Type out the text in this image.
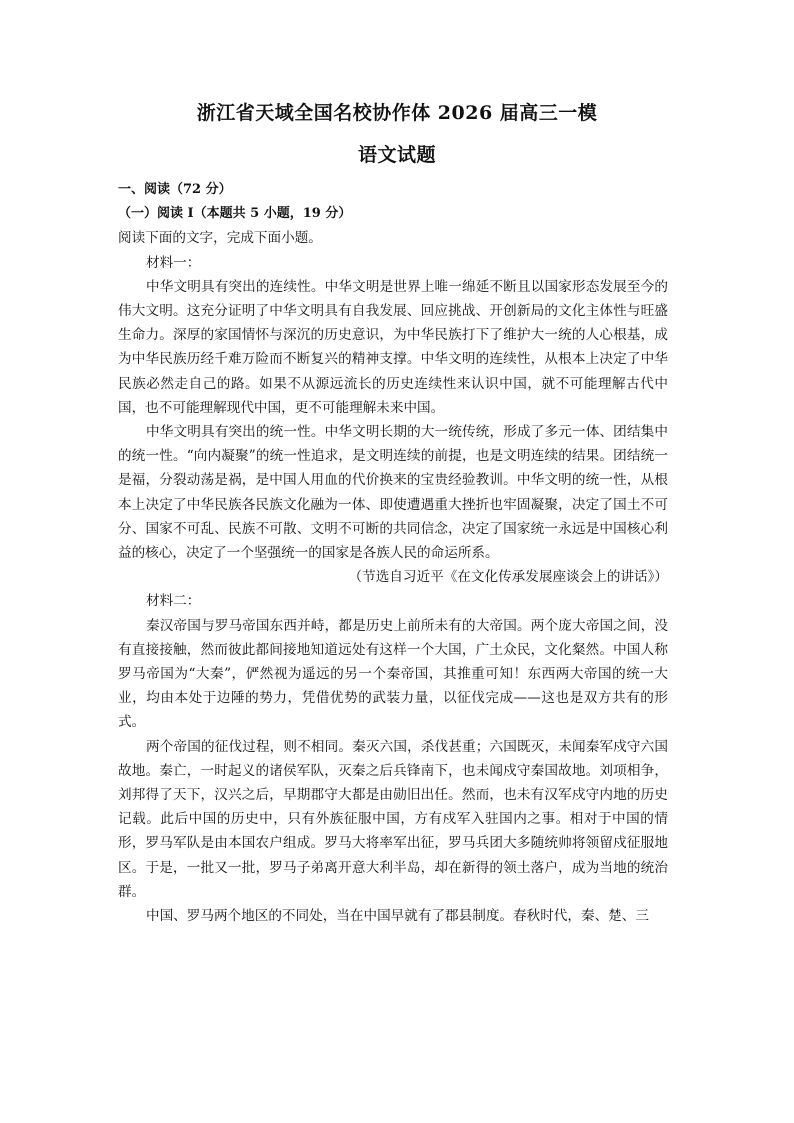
浙江省天域全国名校协作体 2026 届高三一模
语文试题

一、阅读（72 分）

（一）阅读 I（本题共 5 小题，19 分）

阅读下面的文字，完成下面小题。

材料一：

中华文明具有突出的连续性。中华文明是世界上唯一绵延不断且以国家形态发展至今的伟大文明。这充分证明了中华文明具有自我发展、回应挑战、开创新局的文化主体性与旺盛生命力。深厚的家国情怀与深沉的历史意识，为中华民族打下了维护大一统的人心根基，成为中华民族历经千难万险而不断复兴的精神支撑。中华文明的连续性，从根本上决定了中华民族必然走自己的路。如果不从源远流长的历史连续性来认识中国，就不可能理解古代中国，也不可能理解现代中国，更不可能理解未来中国。

中华文明具有突出的统一性。中华文明长期的大一统传统，形成了多元一体、团结集中的统一性。“向内凝聚”的统一性追求，是文明连续的前提，也是文明连续的结果。团结统一是福，分裂动荡是祸，是中国人用血的代价换来的宝贵经验教训。中华文明的统一性，从根本上决定了中华民族各民族文化融为一体、即使遭遇重大挫折也牢固凝聚，决定了国土不可分、国家不可乱、民族不可散、文明不可断的共同信念，决定了国家统一永远是中国核心利益的核心，决定了一个坚强统一的国家是各族人民的命运所系。

（节选自习近平《在文化传承发展座谈会上的讲话》）

材料二：

秦汉帝国与罗马帝国东西并峙，都是历史上前所未有的大帝国。两个庞大帝国之间，没有直接接触，然而彼此都间接地知道远处有这样一个大国，广土众民，文化粲然。中国人称罗马帝国为“大秦”，俨然视为遥远的另一个秦帝国，其推重可知！东西两大帝国的统一大业，均由本处于边陲的势力，凭借优势的武装力量，以征伐完成——这也是双方共有的形式。

两个帝国的征伐过程，则不相同。秦灭六国，杀伐甚重；六国既灭，未闻秦军戍守六国故地。秦亡，一时起义的诸侯军队，灭秦之后兵锋南下，也未闻戍守秦国故地。刘项相争，刘邦得了天下，汉兴之后，早期郡守大都是由勋旧出任。然而，也未有汉军戍守内地的历史记载。此后中国的历史中，只有外族征服中国，方有戍军入驻国内之事。相对于中国的情形，罗马军队是由本国农户组成。罗马大将率军出征，罗马兵团大多随统帅将领留戍征服地区。于是，一批又一批，罗马子弟离开意大利半岛，却在新得的领土落户，成为当地的统治群。

中国、罗马两个地区的不同处，当在中国早就有了郡县制度。春秋时代，秦、楚、三
